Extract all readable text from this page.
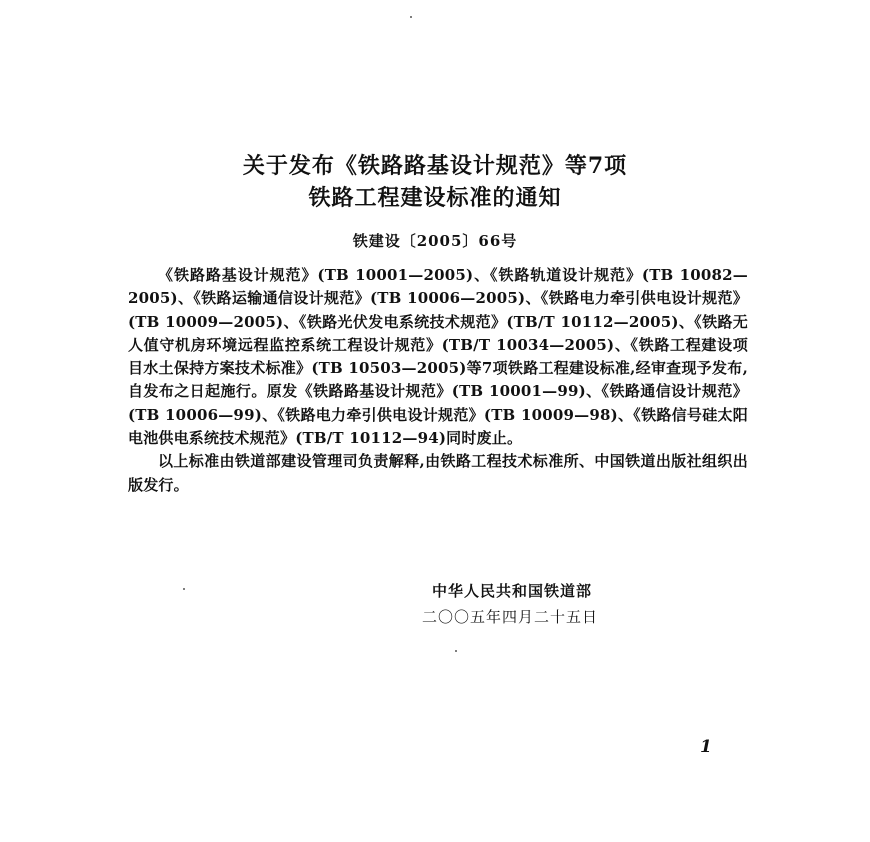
关于发布《铁路路基设计规范》等7项
铁路工程建设标准的通知
铁建设〔2005〕66号

《铁路路基设计规范》(TB 10001—2005)、《铁路轨道设计规范》(TB 10082—2005)、《铁路运输通信设计规范》(TB 10006—2005)、《铁路电力牵引供电设计规范》(TB 10009—2005)、《铁路光伏发电系统技术规范》(TB/T 10112—2005)、《铁路无人值守机房环境远程监控系统工程设计规范》(TB/T 10034—2005)、《铁路工程建设项目水土保持方案技术标准》(TB 10503—2005)等7项铁路工程建设标准,经审查现予发布,自发布之日起施行。原发《铁路路基设计规范》(TB 10001—99)、《铁路通信设计规范》(TB 10006—99)、《铁路电力牵引供电设计规范》(TB 10009—98)、《铁路信号硅太阳电池供电系统技术规范》(TB/T 10112—94)同时废止。

以上标准由铁道部建设管理司负责解释,由铁路工程技术标准所、中国铁道出版社组织出版发行。

中华人民共和国铁道部
二〇〇五年四月二十五日
1
